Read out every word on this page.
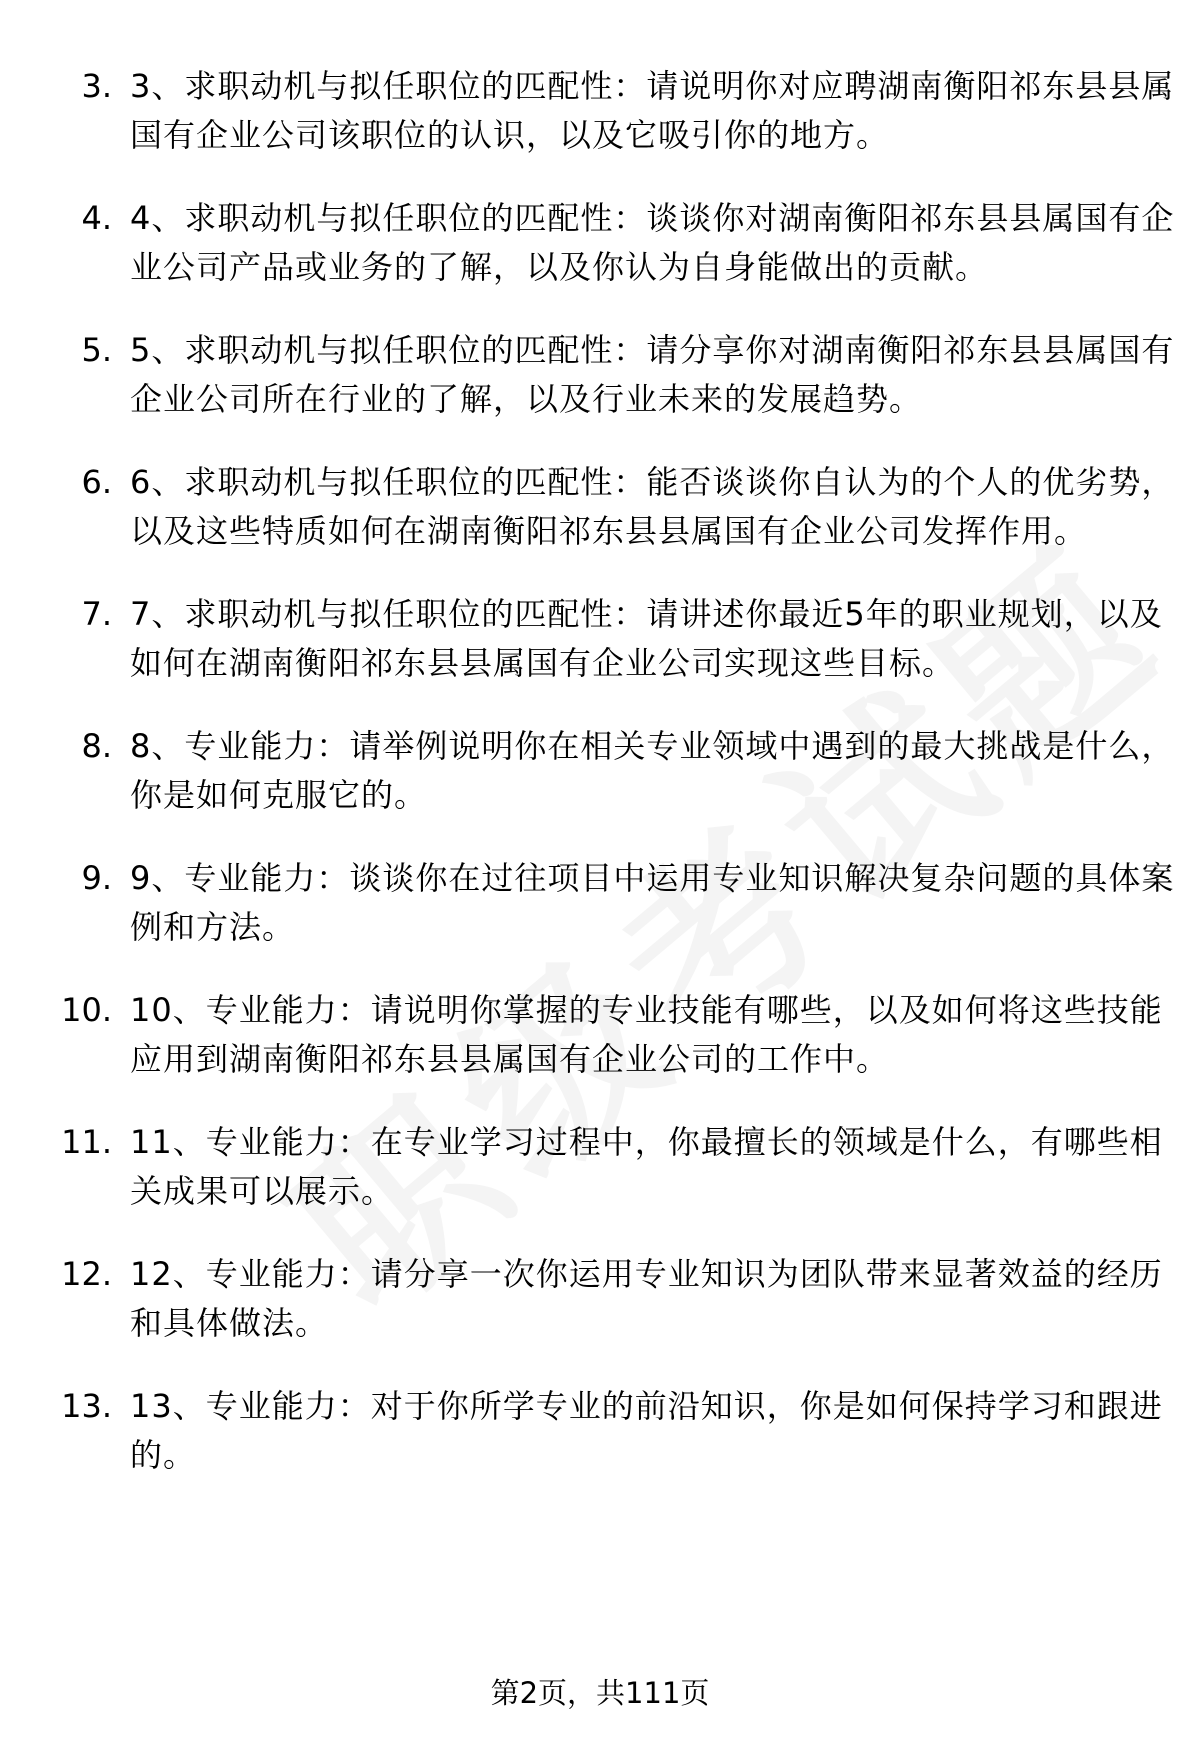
3. 3、求职动机与拟任职位的匹配性：请说明你对应聘湖南衡阳祁东县县属国有企业公司该职位的认识，以及它吸引你的地方。
4. 4、求职动机与拟任职位的匹配性：谈谈你对湖南衡阳祁东县县属国有企业公司产品或业务的了解，以及你认为自身能做出的贡献。
5. 5、求职动机与拟任职位的匹配性：请分享你对湖南衡阳祁东县县属国有企业公司所在行业的了解，以及行业未来的发展趋势。
6. 6、求职动机与拟任职位的匹配性：能否谈谈你自认为的个人的优劣势，以及这些特质如何在湖南衡阳祁东县县属国有企业公司发挥作用。
7. 7、求职动机与拟任职位的匹配性：请讲述你最近5年的职业规划，以及如何在湖南衡阳祁东县县属国有企业公司实现这些目标。
8. 8、专业能力：请举例说明你在相关专业领域中遇到的最大挑战是什么，你是如何克服它的。
9. 9、专业能力：谈谈你在过往项目中运用专业知识解决复杂问题的具体案例和方法。
10. 10、专业能力：请说明你掌握的专业技能有哪些，以及如何将这些技能应用到湖南衡阳祁东县县属国有企业公司的工作中。
11. 11、专业能力：在专业学习过程中，你最擅长的领域是什么，有哪些相关成果可以展示。
12. 12、专业能力：请分享一次你运用专业知识为团队带来显著效益的经历和具体做法。
13. 13、专业能力：对于你所学专业的前沿知识，你是如何保持学习和跟进的。
第2页，共111页
